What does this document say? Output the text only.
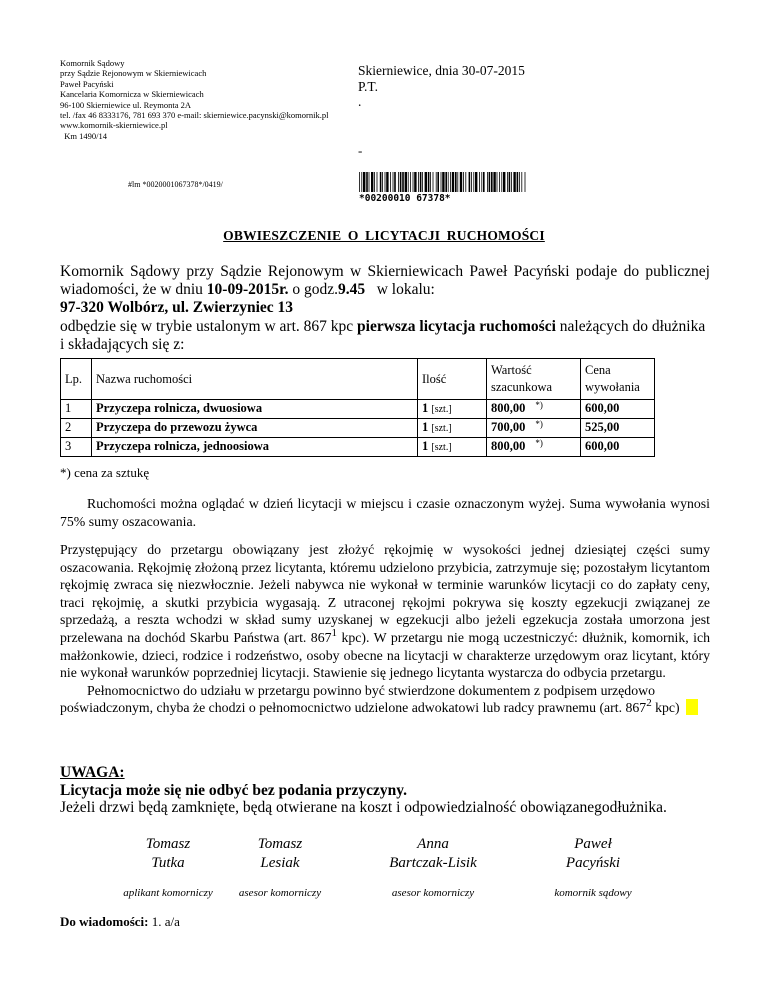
Komornik Sądowy
przy Sądzie Rejonowym w Skierniewicach
Paweł Pacyński
Kancelaria Komornicza w Skierniewicach
96-100 Skierniewice ul. Reymonta 2A
tel. /fax 46 8333176, 781 693 370 e-mail: skierniewice.pacynski@komornik.pl
www.komornik-skierniewice.pl
Km 1490/14
Skierniewice, dnia 30-07-2015
P.T.
.
-
#lm *0020001067378*/0419/
*00200010 67378*
OBWIESZCZENIE O LICYTACJI RUCHOMOŚCI

Komornik Sądowy przy Sądzie Rejonowym w Skierniewicach Paweł Pacyński podaje do publicznej wiadomości, że w dniu 10-09-2015r. o godz.9.45   w lokalu:

97-320 Wolbórz, ul. Zwierzyniec 13

odbędzie się w trybie ustalonym w art. 867 kpc pierwsza licytacja ruchomości należących do dłużnika i składających się z:

Lp.	Nazwa ruchomości	Ilość	Wartość szacunkowa	Cena wywołania
1	Przyczepa rolnicza, dwuosiowa	1 [szt.]	800,00 *)	600,00
2	Przyczepa do przewozu żywca	1 [szt.]	700,00 *)	525,00
3	Przyczepa rolnicza, jednoosiowa	1 [szt.]	800,00 *)	600,00
*) cena za sztukę

Ruchomości można oglądać w dzień licytacji w miejscu i czasie oznaczonym wyżej. Suma wywołania wynosi 75% sumy oszacowania.

Przystępujący do przetargu obowiązany jest złożyć rękojmię w wysokości jednej dziesiątej części sumy oszacowania. Rękojmię złożoną przez licytanta, któremu udzielono przybicia, zatrzymuje się; pozostałym licytantom rękojmię zwraca się niezwłocznie. Jeżeli nabywca nie wykonał w terminie warunków licytacji co do zapłaty ceny, traci rękojmię, a skutki przybicia wygasają. Z utraconej rękojmi pokrywa się koszty egzekucji związanej ze sprzedażą, a reszta wchodzi w skład sumy uzyskanej w egzekucji albo jeżeli egzekucja została umorzona jest przelewana na dochód Skarbu Państwa (art. $867^1$ kpc). W przetargu nie mogą uczestniczyć: dłużnik, komornik, ich małżonkowie, dzieci, rodzice i rodzeństwo, osoby obecne na licytacji w charakterze urzędowym oraz licytant, który nie wykonał warunków poprzedniej licytacji. Stawienie się jednego licytanta wystarcza do odbycia przetargu.

Pełnomocnictwo do udziału w przetargu powinno być stwierdzone dokumentem z podpisem urzędowo poświadczonym, chyba że chodzi o pełnomocnictwo udzielone adwokatowi lub radcy prawnemu (art. $867^2$ kpc)

UWAGA:
Licytacja może się nie odbyć bez podania przyczyny.
Jeżeli drzwi będą zamknięte, będą otwierane na koszt i odpowiedzialność obowiązanegodłużnika.
Tomasz
Tutka
aplikant komorniczy
Tomasz
Lesiak
asesor komorniczy
Anna
Bartczak-Lisik
asesor komorniczy
Paweł
Pacyński
komornik sądowy
Do wiadomości: 1. a/a
